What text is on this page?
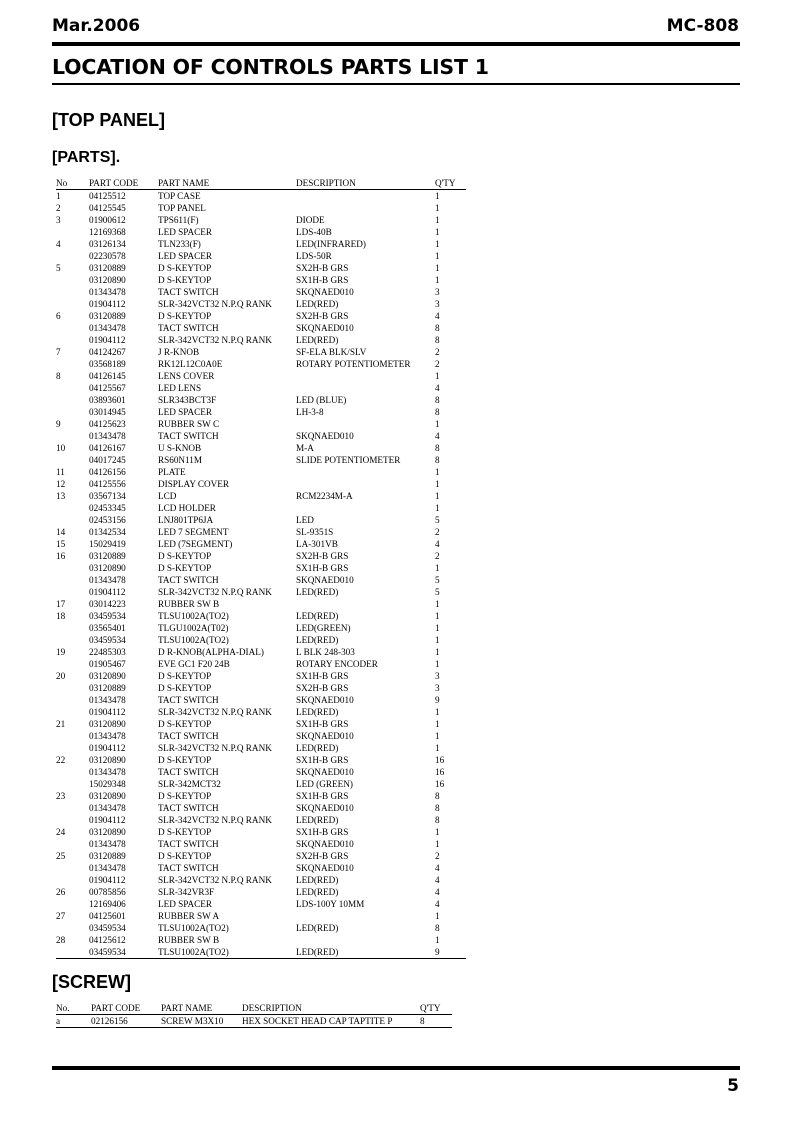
Mar.2006	MC-808
LOCATION OF CONTROLS PARTS LIST 1
[TOP PANEL]
[PARTS].
No	PART CODE	PART NAME	DESCRIPTION	Q'TY
1	04125512	TOP CASE		1
2	04125545	TOP PANEL		1
3	01900612	TPS611(F)	DIODE	1
	12169368	LED SPACER	LDS-40B	1
4	03126134	TLN233(F)	LED(INFRARED)	1
	02230578	LED SPACER	LDS-50R	1
5	03120889	D S-KEYTOP	SX2H-B GRS	1
	03120890	D S-KEYTOP	SX1H-B GRS	1
	01343478	TACT SWITCH	SKQNAED010	3
	01904112	SLR-342VCT32 N.P.Q RANK	LED(RED)	3
6	03120889	D S-KEYTOP	SX2H-B GRS	4
	01343478	TACT SWITCH	SKQNAED010	8
	01904112	SLR-342VCT32 N.P.Q RANK	LED(RED)	8
7	04124267	J R-KNOB	SF-ELA BLK/SLV	2
	03568189	RK12L12C0A0E	ROTARY POTENTIOMETER	2
8	04126145	LENS COVER		1
	04125567	LED LENS		4
	03893601	SLR343BCT3F	LED (BLUE)	8
	03014945	LED SPACER	LH-3-8	8
9	04125623	RUBBER SW C		1
	01343478	TACT SWITCH	SKQNAED010	4
10	04126167	U S-KNOB	M-A	8
	04017245	RS60N11M	SLIDE POTENTIOMETER	8
11	04126156	PLATE		1
12	04125556	DISPLAY COVER		1
13	03567134	LCD	RCM2234M-A	1
	02453345	LCD HOLDER		1
	02453156	LNJ801TP6JA	LED	5
14	01342534	LED 7 SEGMENT	SL-9351S	2
15	15029419	LED (7SEGMENT)	LA-301VB	4
16	03120889	D S-KEYTOP	SX2H-B GRS	2
	03120890	D S-KEYTOP	SX1H-B GRS	1
	01343478	TACT SWITCH	SKQNAED010	5
	01904112	SLR-342VCT32 N.P.Q RANK	LED(RED)	5
17	03014223	RUBBER SW B		1
18	03459534	TLSU1002A(TO2)	LED(RED)	1
	03565401	TLGU1002A(T02)	LED(GREEN)	1
	03459534	TLSU1002A(TO2)	LED(RED)	1
19	22485303	D R-KNOB(ALPHA-DIAL)	L BLK 248-303	1
	01905467	EVE GC1 F20 24B	ROTARY ENCODER	1
20	03120890	D S-KEYTOP	SX1H-B GRS	3
	03120889	D S-KEYTOP	SX2H-B GRS	3
	01343478	TACT SWITCH	SKQNAED010	9
	01904112	SLR-342VCT32 N.P.Q RANK	LED(RED)	1
21	03120890	D S-KEYTOP	SX1H-B GRS	1
	01343478	TACT SWITCH	SKQNAED010	1
	01904112	SLR-342VCT32 N.P.Q RANK	LED(RED)	1
22	03120890	D S-KEYTOP	SX1H-B GRS	16
	01343478	TACT SWITCH	SKQNAED010	16
	15029348	SLR-342MCT32	LED (GREEN)	16
23	03120890	D S-KEYTOP	SX1H-B GRS	8
	01343478	TACT SWITCH	SKQNAED010	8
	01904112	SLR-342VCT32 N.P.Q RANK	LED(RED)	8
24	03120890	D S-KEYTOP	SX1H-B GRS	1
	01343478	TACT SWITCH	SKQNAED010	1
25	03120889	D S-KEYTOP	SX2H-B GRS	2
	01343478	TACT SWITCH	SKQNAED010	4
	01904112	SLR-342VCT32 N.P.Q RANK	LED(RED)	4
26	00785856	SLR-342VR3F	LED(RED)	4
	12169406	LED SPACER	LDS-100Y 10MM	4
27	04125601	RUBBER SW A		1
	03459534	TLSU1002A(TO2)	LED(RED)	8
28	04125612	RUBBER SW B		1
	03459534	TLSU1002A(TO2)	LED(RED)	9
[SCREW]
No.	PART CODE	PART NAME	DESCRIPTION	Q'TY
a	02126156	SCREW M3X10	HEX SOCKET HEAD CAP TAPTITE P	8
5
